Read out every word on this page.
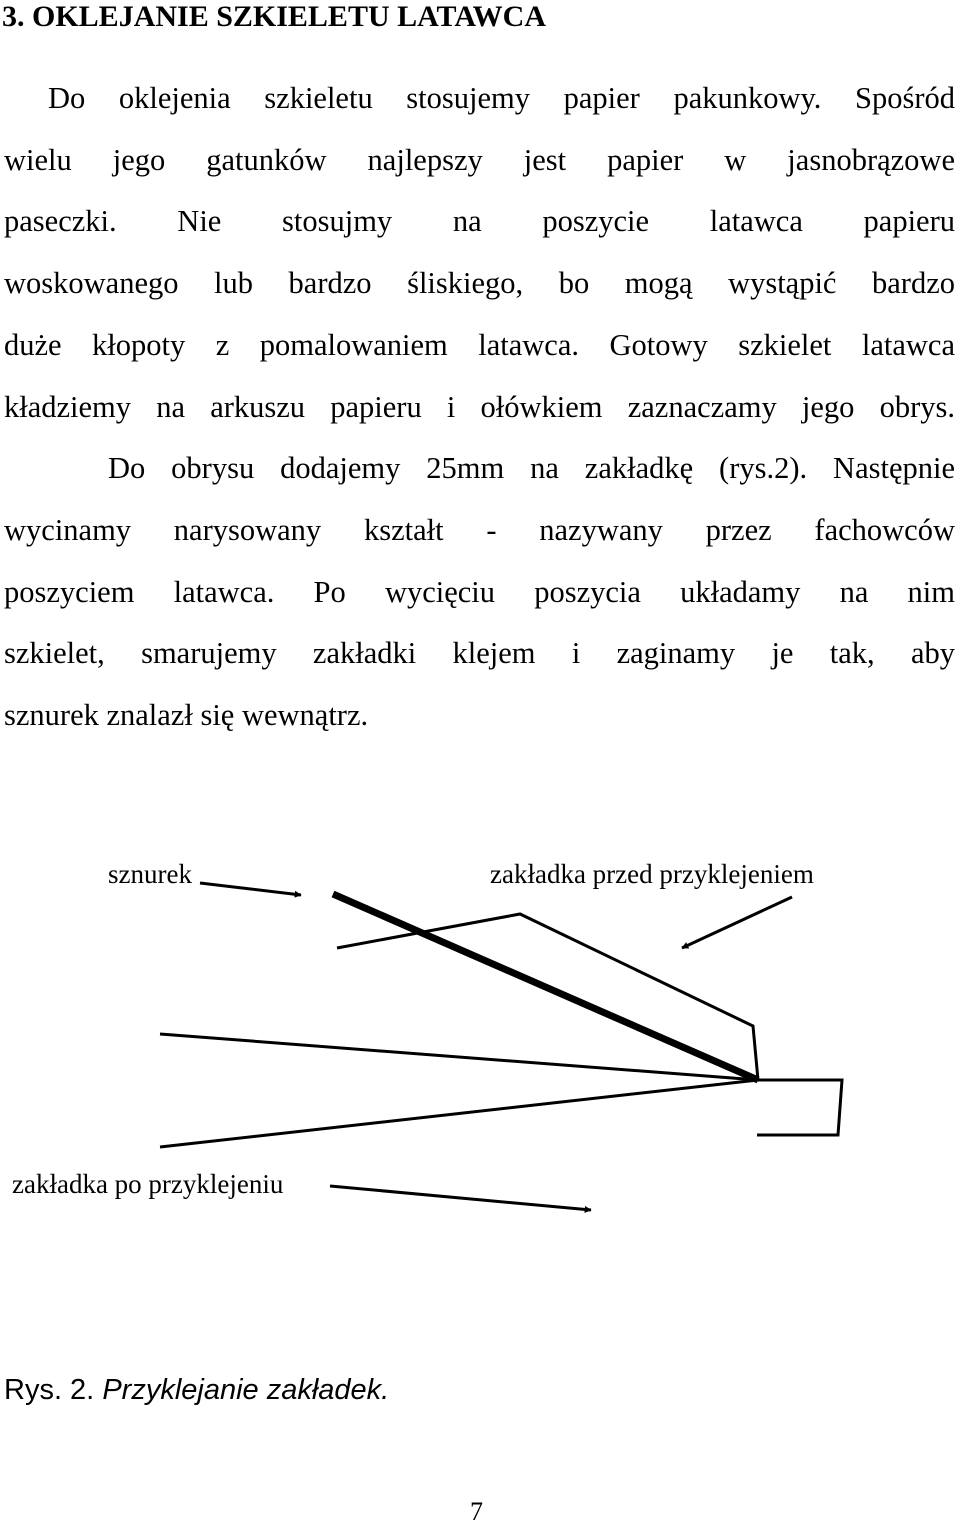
3. OKLEJANIE SZKIELETU LATAWCA
Do oklejenia szkieletu stosujemy papier pakunkowy. Spośród
wielu jego gatunków najlepszy jest papier w jasnobrązowe
paseczki. Nie stosujmy na poszycie latawca papieru
woskowanego lub bardzo śliskiego, bo mogą wystąpić bardzo
duże kłopoty z pomalowaniem latawca. Gotowy szkielet latawca
kładziemy na arkuszu papieru i ołówkiem zaznaczamy jego obrys.
Do obrysu dodajemy 25mm na zakładkę (rys.2). Następnie
wycinamy narysowany kształt - nazywany przez fachowców
poszyciem latawca. Po wycięciu poszycia układamy na nim
szkielet, smarujemy zakładki klejem i zaginamy je tak, aby
sznurek znalazł się wewnątrz.
sznurek	zakładka przed przyklejeniem
zakładka po przyklejeniu
Rys. 2. Przyklejanie zakładek.
7
